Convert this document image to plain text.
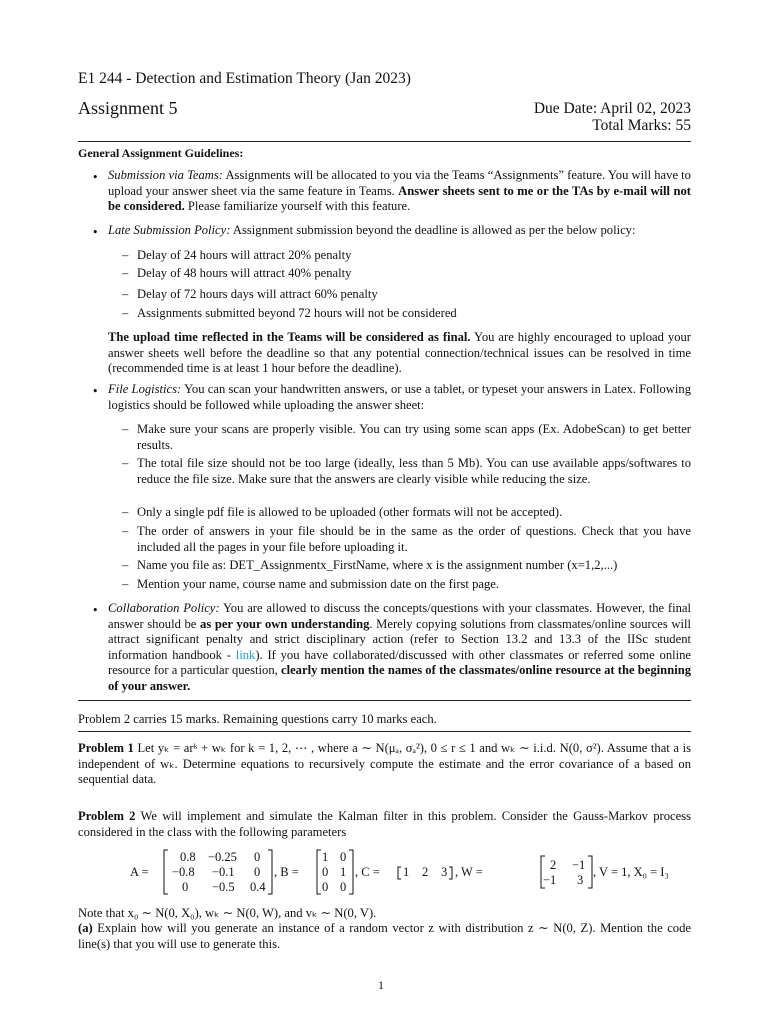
E1 244 - Detection and Estimation Theory (Jan 2023)
Assignment 5	Due Date: April 02, 2023
Total Marks: 55
General Assignment Guidelines:
• Submission via Teams: Assignments will be allocated to you via the Teams “Assignments” feature. You will have to upload your answer sheet via the same feature in Teams. Answer sheets sent to me or the TAs by e-mail will not be considered. Please familiarize yourself with this feature.
• Late Submission Policy: Assignment submission beyond the deadline is allowed as per the below policy:
– Delay of 24 hours will attract 20% penalty
– Delay of 48 hours will attract 40% penalty
– Delay of 72 hours days will attract 60% penalty
– Assignments submitted beyond 72 hours will not be considered
The upload time reflected in the Teams will be considered as final. You are highly encouraged to upload your answer sheets well before the deadline so that any potential connection/technical issues can be resolved in time (recommended time is at least 1 hour before the deadline).
• File Logistics: You can scan your handwritten answers, or use a tablet, or typeset your answers in Latex. Following logistics should be followed while uploading the answer sheet:
– Make sure your scans are properly visible. You can try using some scan apps (Ex. AdobeScan) to get better results.
– The total file size should not be too large (ideally, less than 5 Mb). You can use available apps/softwares to reduce the file size. Make sure that the answers are clearly visible while reducing the size.
– Only a single pdf file is allowed to be uploaded (other formats will not be accepted).
– The order of answers in your file should be in the same as the order of questions. Check that you have included all the pages in your file before uploading it.
– Name you file as: DET_Assignmentx_FirstName, where x is the assignment number (x=1,2,...)
– Mention your name, course name and submission date on the first page.
• Collaboration Policy: You are allowed to discuss the concepts/questions with your classmates. However, the final answer should be as per your own understanding. Merely copying solutions from classmates/online sources will attract significant penalty and strict disciplinary action (refer to Section 13.2 and 13.3 of the IISc student information handbook - link). If you have collaborated/discussed with other classmates or referred some online resource for a particular question, clearly mention the names of the classmates/online resource at the beginning of your answer.
Problem 2 carries 15 marks. Remaining questions carry 10 marks each.
Problem 1 Let yₖ = arᵏ + wₖ for k = 1, 2, ⋯ , where a ∼ N(μₐ, σₐ²), 0 ≤ r ≤ 1 and wₖ ∼ i.i.d. N(0, σ²). Assume that a is independent of wₖ. Determine equations to recursively compute the estimate and the error covariance of a based on sequential data.
Problem 2 We will implement and simulate the Kalman filter in this problem. Consider the Gauss-Markov process considered in the class with the following parameters
A =
0.8 −0.25 0
−0.8 −0.1 0
0 −0.5 0.4
, B =
1 0
0 1
0 0
, C = 1 2 3 , W =	2 −1
−1 3
, V = 1, X₀ = I₃
Note that x₀ ∼ N(0, X₀), wₖ ∼ N(0, W), and vₖ ∼ N(0, V).
(a) Explain how will you generate an instance of a random vector z with distribution z ∼ N(0, Z). Mention the code line(s) that you will use to generate this.
1
